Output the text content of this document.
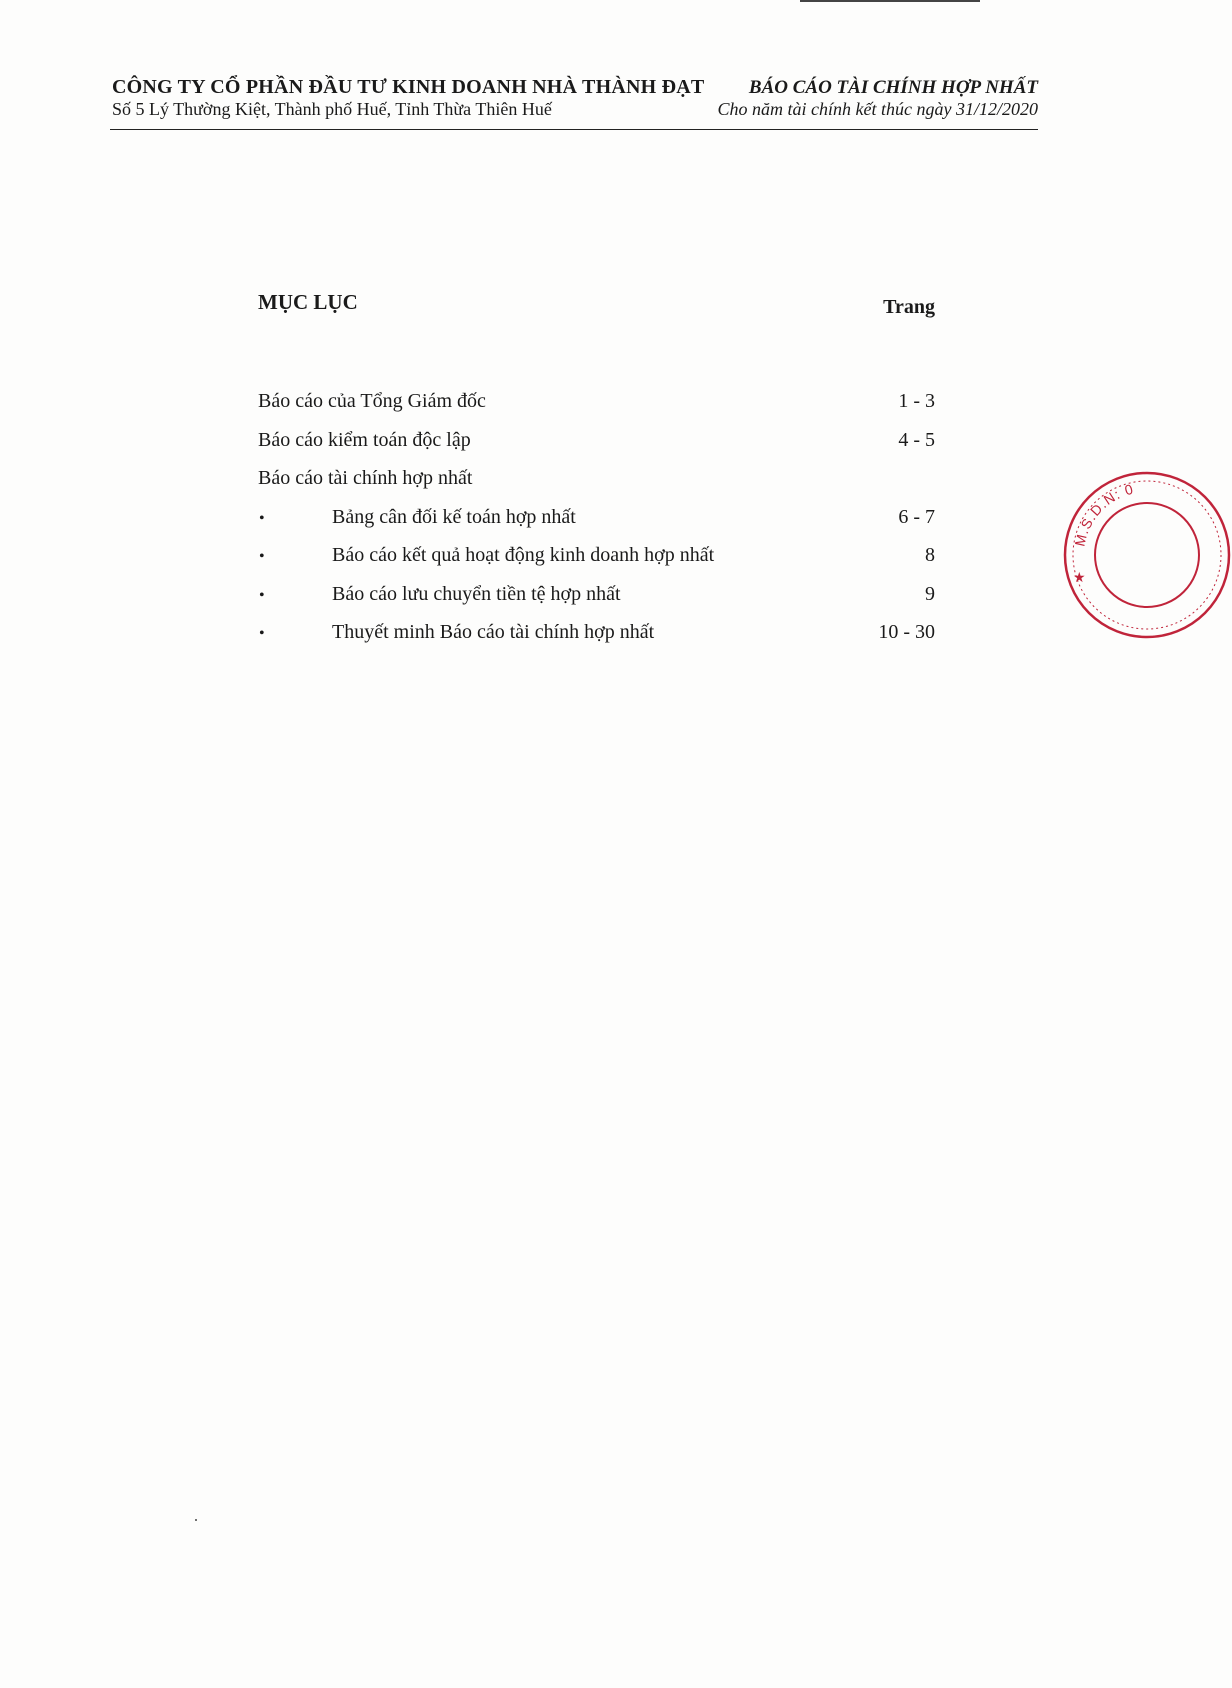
CÔNG TY CỔ PHẦN ĐẦU TƯ KINH DOANH NHÀ THÀNH ĐẠT BÁO CÁO TÀI CHÍNH HỢP NHẤT
Số 5 Lý Thường Kiệt, Thành phố Huế, Tỉnh Thừa Thiên Huế	Cho năm tài chính kết thúc ngày 31/12/2020
MỤC LỤC	Trang
Báo cáo của Tổng Giám đốc	1 - 3
Báo cáo kiểm toán độc lập	4 - 5
Báo cáo tài chính hợp nhất
•	Bảng cân đối kế toán hợp nhất	6 - 7
•	Báo cáo kết quả hoạt động kinh doanh hợp nhất	8
•	Báo cáo lưu chuyển tiền tệ hợp nhất	9
•	Thuyết minh Báo cáo tài chính hợp nhất	10 - 30
M.S.D.N: 0
★
